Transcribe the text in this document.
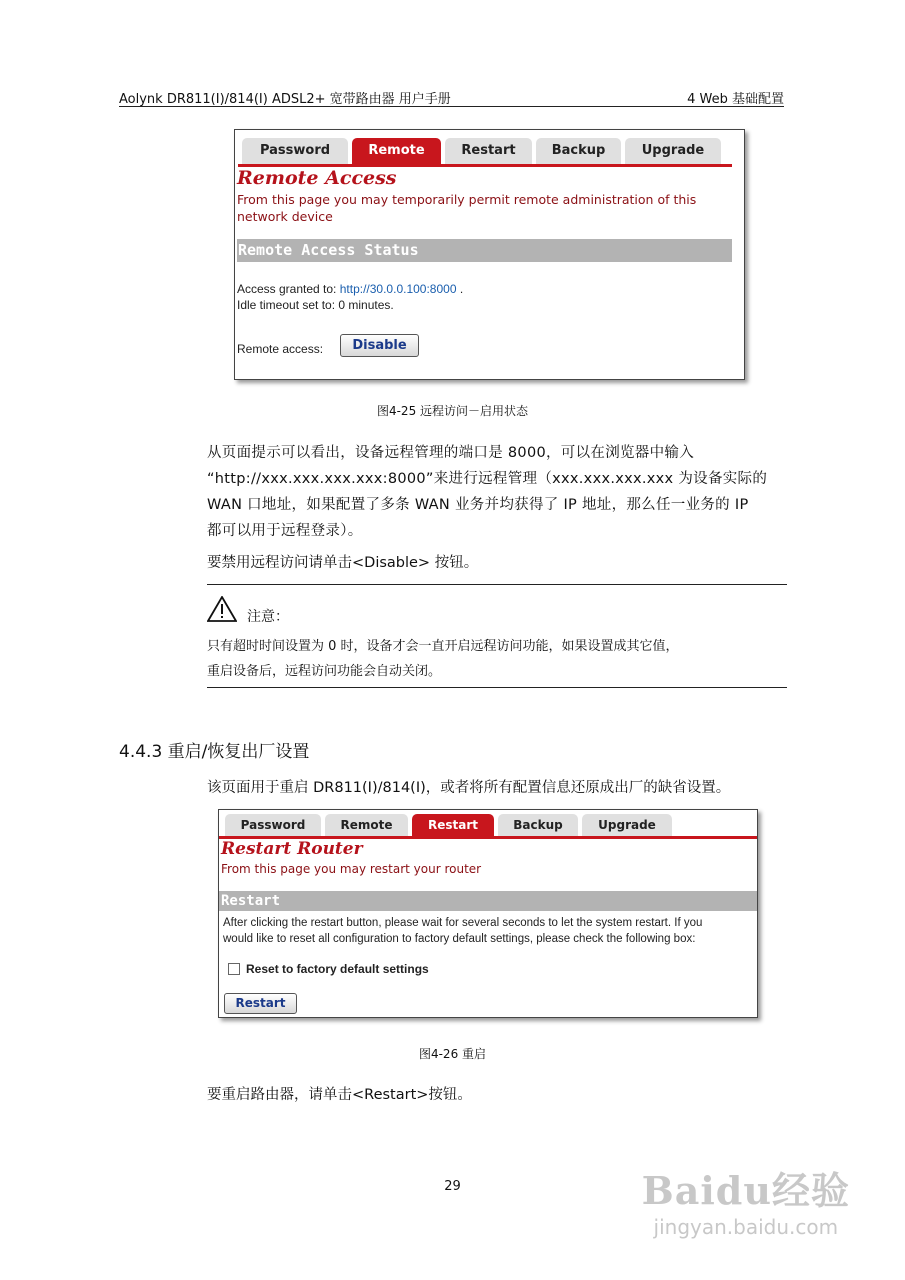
Aolynk DR811(I)/814(I) ADSL2+ 宽带路由器 用户手册	4 Web 基础配置
Password	Remote	Restart	Backup	Upgrade
Remote Access
From this page you may temporarily permit remote administration of this
network device
Remote Access Status
Access granted to: http://30.0.0.100:8000 .
Idle timeout set to: 0 minutes.
Remote access:	Disable
图4-25 远程访问－启用状态
从页面提示可以看出，设备远程管理的端口是 8000，可以在浏览器中输入
“http://xxx.xxx.xxx.xxx:8000”来进行远程管理（xxx.xxx.xxx.xxx 为设备实际的
WAN 口地址，如果配置了多条 WAN 业务并均获得了 IP 地址，那么任一业务的 IP
都可以用于远程登录）。
要禁用远程访问请单击<Disable> 按钮。
注意：
只有超时时间设置为 0 时，设备才会一直开启远程访问功能，如果设置成其它值，
重启设备后，远程访问功能会自动关闭。
4.4.3 重启/恢复出厂设置
该页面用于重启 DR811(I)/814(I)，或者将所有配置信息还原成出厂的缺省设置。
Password	Remote	Restart	Backup	Upgrade
Restart Router
From this page you may restart your router
Restart
After clicking the restart button, please wait for several seconds to let the system restart. If you
would like to reset all configuration to factory default settings, please check the following box:
Reset to factory default settings
Restart
图4-26 重启
要重启路由器，请单击<Restart>按钮。
29	Baidu经验
jingyan.baidu.com
